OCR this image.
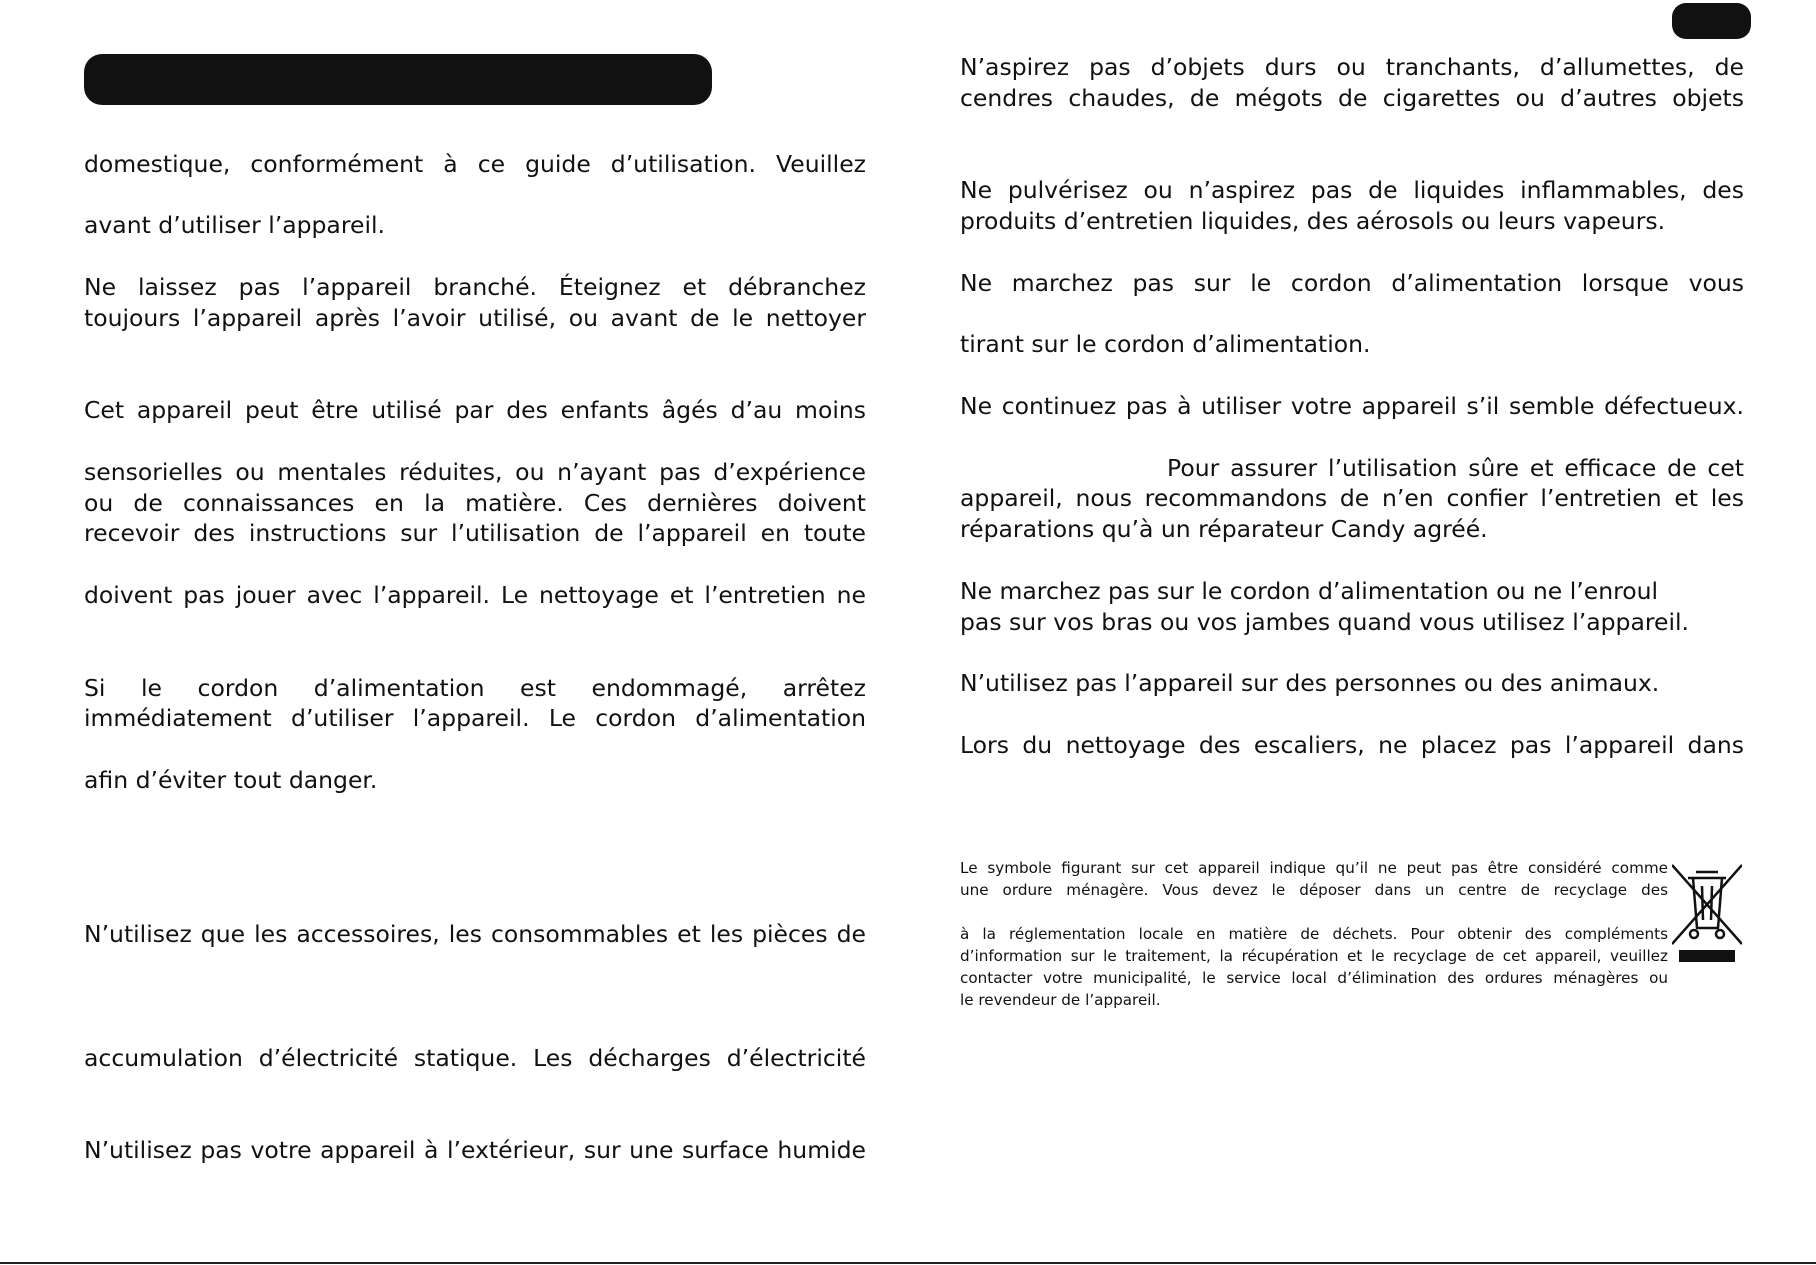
domestique, conformément à ce guide d’utilisation. Veuillez

avant d’utiliser l’appareil.

Ne laissez pas l’appareil branché. Éteignez et débranchez

toujours l’appareil après l’avoir utilisé, ou avant de le nettoyer

Cet appareil peut être utilisé par des enfants âgés d’au moins

sensorielles ou mentales réduites, ou n’ayant pas d’expérience

ou de connaissances en la matière. Ces dernières doivent

recevoir des instructions sur l’utilisation de l’appareil en toute

doivent pas jouer avec l’appareil. Le nettoyage et l’entretien ne

Si le cordon d’alimentation est endommagé, arrêtez

immédiatement d’utiliser l’appareil. Le cordon d’alimentation

afin d’éviter tout danger.

N’utilisez que les accessoires, les consommables et les pièces de

accumulation d’électricité statique. Les décharges d’électricité

N’utilisez pas votre appareil à l’extérieur, sur une surface humide

N’aspirez pas d’objets durs ou tranchants, d’allumettes, de

cendres chaudes, de mégots de cigarettes ou d’autres objets

Ne pulvérisez ou n’aspirez pas de liquides inflammables, des

produits d’entretien liquides, des aérosols ou leurs vapeurs.

Ne marchez pas sur le cordon d’alimentation lorsque vous

tirant sur le cordon d’alimentation.

Ne continuez pas à utiliser votre appareil s’il semble défectueux.

Pour assurer l’utilisation sûre et efficace de cet

appareil, nous recommandons de n’en confier l’entretien et les

réparations qu’à un réparateur Candy agréé.

Ne marchez pas sur le cordon d’alimentation ou ne l’enroul

pas sur vos bras ou vos jambes quand vous utilisez l’appareil.

N’utilisez pas l’appareil sur des personnes ou des animaux.

Lors du nettoyage des escaliers, ne placez pas l’appareil dans

Le symbole figurant sur cet appareil indique qu’il ne peut pas être considéré comme

une ordure ménagère. Vous devez le déposer dans un centre de recyclage des

à la réglementation locale en matière de déchets. Pour obtenir des compléments

d’information sur le traitement, la récupération et le recyclage de cet appareil, veuillez

contacter votre municipalité, le service local d’élimination des ordures ménagères ou

le revendeur de l’appareil.
